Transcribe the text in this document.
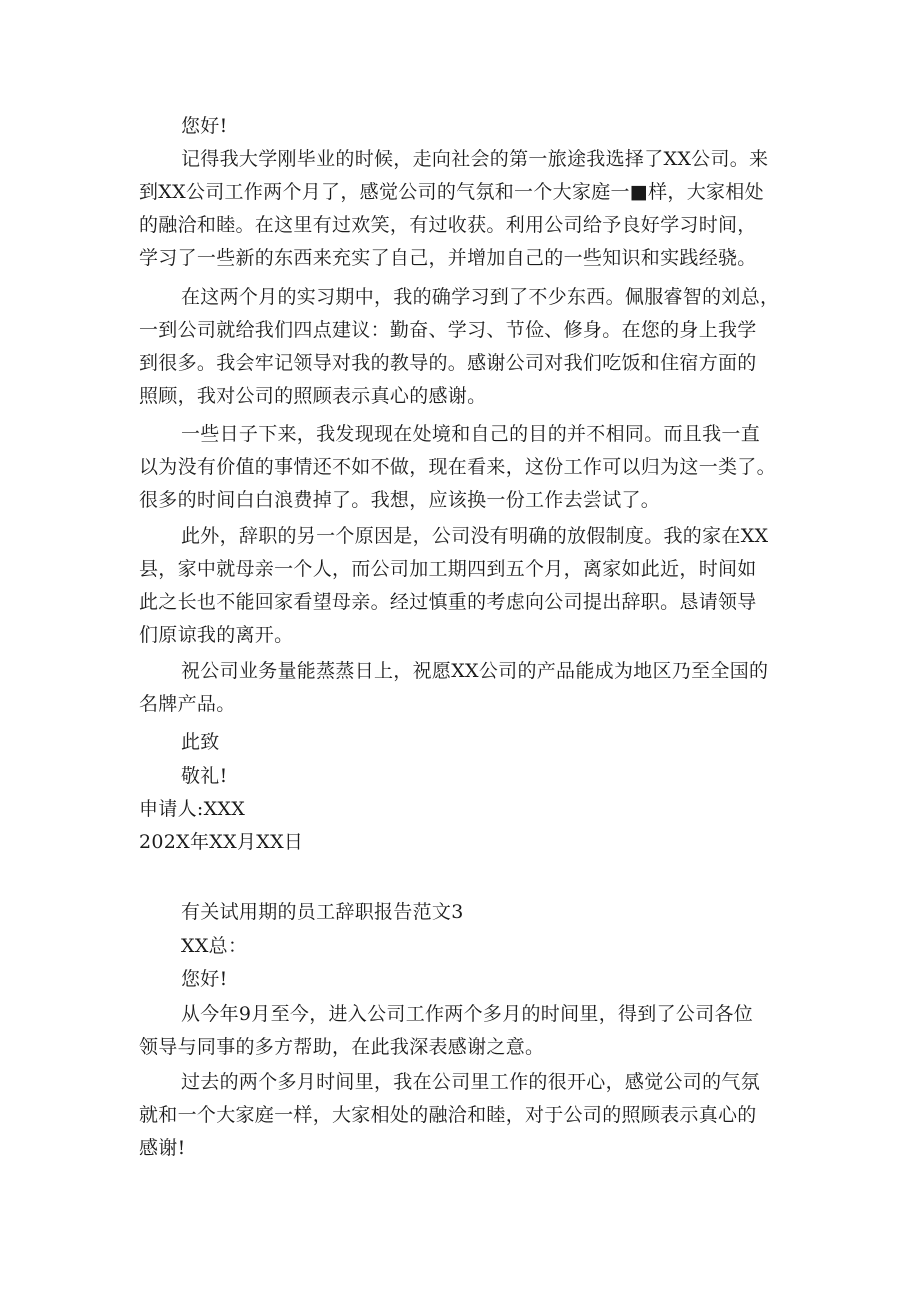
您好!

记得我大学刚毕业的时候，走向社会的第一旅途我选择了XX公司。来

到XX公司工作两个月了，感觉公司的气氛和一个大家庭一■样，大家相处

的融洽和睦。在这里有过欢笑，有过收获。利用公司给予良好学习时间，

学习了一些新的东西来充实了自己，并增加自己的一些知识和实践经骁。

在这两个月的实习期中，我的确学习到了不少东西。佩服睿智的刘总，

一到公司就给我们四点建议：勤奋、学习、节俭、修身。在您的身上我学

到很多。我会牢记领导对我的教导的。感谢公司对我们吃饭和住宿方面的

照顾，我对公司的照顾表示真心的感谢。

一些日子下来，我发现现在处境和自己的目的并不相同。而且我一直

以为没有价值的事情还不如不做，现在看来，这份工作可以归为这一类了。

很多的时间白白浪费掉了。我想，应该换一份工作去尝试了。

此外，辞职的另一个原因是，公司没有明确的放假制度。我的家在XX

县，家中就母亲一个人，而公司加工期四到五个月，离家如此近，时间如

此之长也不能回家看望母亲。经过慎重的考虑向公司提出辞职。恳请领导

们原谅我的离开。

祝公司业务量能蒸蒸日上，祝愿XX公司的产品能成为地区乃至全国的

名牌产品。

此致

敬礼!

申请人:XXX

202X年XX月XX日

有关试用期的员工辞职报告范文3

XX总：

您好!

从今年9月至今，进入公司工作两个多月的时间里，得到了公司各位

领导与同事的多方帮助，在此我深表感谢之意。

过去的两个多月时间里，我在公司里工作的很开心，感觉公司的气氛

就和一个大家庭一样，大家相处的融洽和睦，对于公司的照顾表示真心的

感谢!
